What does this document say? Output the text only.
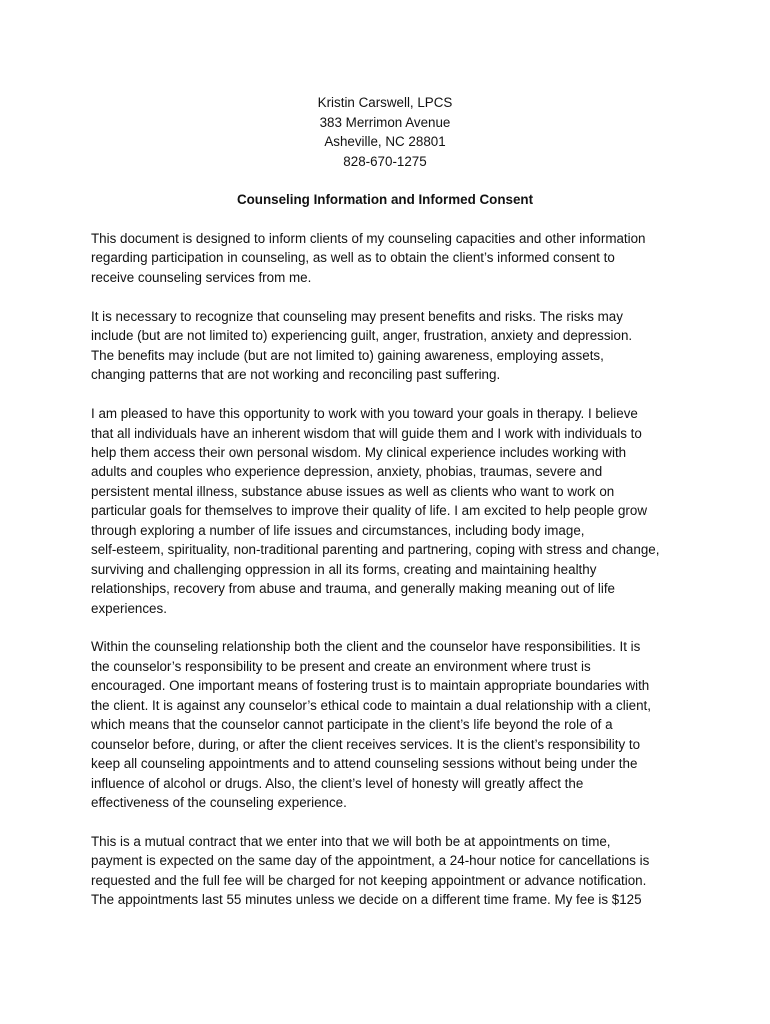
Kristin Carswell, LPCS
383 Merrimon Avenue
Asheville, NC 28801
828-670-1275
Counseling Information and Informed Consent

This document is designed to inform clients of my counseling capacities and other information
regarding participation in counseling, as well as to obtain the client’s informed consent to
receive counseling services from me.

It is necessary to recognize that counseling may present benefits and risks. The risks may
include (but are not limited to) experiencing guilt, anger, frustration, anxiety and depression.
The benefits may include (but are not limited to) gaining awareness, employing assets,
changing patterns that are not working and reconciling past suffering.

I am pleased to have this opportunity to work with you toward your goals in therapy. I believe
that all individuals have an inherent wisdom that will guide them and I work with individuals to
help them access their own personal wisdom. My clinical experience includes working with
adults and couples who experience depression, anxiety, phobias, traumas, severe and
persistent mental illness, substance abuse issues as well as clients who want to work on
particular goals for themselves to improve their quality of life. I am excited to help people grow
through exploring a number of life issues and circumstances, including body image,
self-esteem, spirituality, non-traditional parenting and partnering, coping with stress and change,
surviving and challenging oppression in all its forms, creating and maintaining healthy
relationships, recovery from abuse and trauma, and generally making meaning out of life
experiences.

Within the counseling relationship both the client and the counselor have responsibilities. It is
the counselor’s responsibility to be present and create an environment where trust is
encouraged. One important means of fostering trust is to maintain appropriate boundaries with
the client. It is against any counselor’s ethical code to maintain a dual relationship with a client,
which means that the counselor cannot participate in the client’s life beyond the role of a
counselor before, during, or after the client receives services. It is the client’s responsibility to
keep all counseling appointments and to attend counseling sessions without being under the
influence of alcohol or drugs. Also, the client’s level of honesty will greatly affect the
effectiveness of the counseling experience.

This is a mutual contract that we enter into that we will both be at appointments on time,
payment is expected on the same day of the appointment, a 24-hour notice for cancellations is
requested and the full fee will be charged for not keeping appointment or advance notification.
The appointments last 55 minutes unless we decide on a different time frame. My fee is $125
